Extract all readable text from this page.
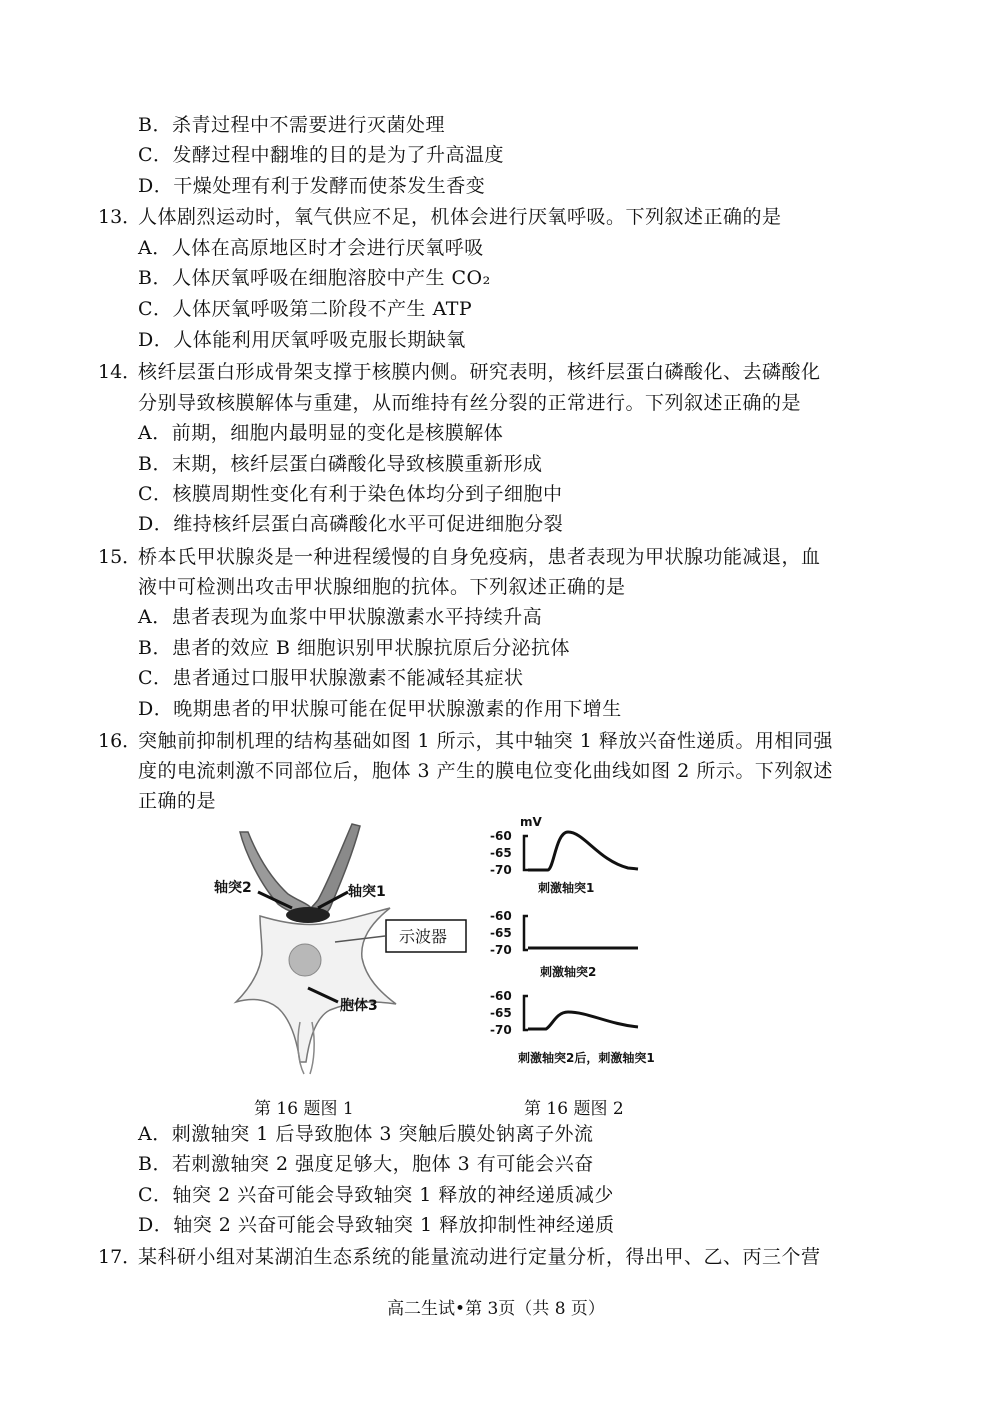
B．杀青过程中不需要进行灭菌处理
C．发酵过程中翻堆的目的是为了升高温度
D．干燥处理有利于发酵而使茶发生香变
13．
人体剧烈运动时，氧气供应不足，机体会进行厌氧呼吸。下列叙述正确的是
A．人体在高原地区时才会进行厌氧呼吸
B．人体厌氧呼吸在细胞溶胶中产生 CO₂
C．人体厌氧呼吸第二阶段不产生 ATP
D．人体能利用厌氧呼吸克服长期缺氧
14．
核纤层蛋白形成骨架支撑于核膜内侧。研究表明，核纤层蛋白磷酸化、去磷酸化
分别导致核膜解体与重建，从而维持有丝分裂的正常进行。下列叙述正确的是
A．前期，细胞内最明显的变化是核膜解体
B．末期，核纤层蛋白磷酸化导致核膜重新形成
C．核膜周期性变化有利于染色体均分到子细胞中
D．维持核纤层蛋白高磷酸化水平可促进细胞分裂
15．
桥本氏甲状腺炎是一种进程缓慢的自身免疫病，患者表现为甲状腺功能减退，血
液中可检测出攻击甲状腺细胞的抗体。下列叙述正确的是
A．患者表现为血浆中甲状腺激素水平持续升高
B．患者的效应 B 细胞识别甲状腺抗原后分泌抗体
C．患者通过口服甲状腺激素不能减轻其症状
D．晚期患者的甲状腺可能在促甲状腺激素的作用下增生
16．
突触前抑制机理的结构基础如图 1 所示，其中轴突 1 释放兴奋性递质。用相同强
度的电流刺激不同部位后，胞体 3 产生的膜电位变化曲线如图 2 所示。下列叙述
正确的是
轴突2	轴突1
胞体3
示波器
mV
-60
-65
-70
刺激轴突1
-60
-65
-70
刺激轴突2
-60
-65
-70
刺激轴突2后，刺激轴突1
第 16 题图 1	第 16 题图 2
A．刺激轴突 1 后导致胞体 3 突触后膜处钠离子外流
B．若刺激轴突 2 强度足够大，胞体 3 有可能会兴奋
C．轴突 2 兴奋可能会导致轴突 1 释放的神经递质减少
D．轴突 2 兴奋可能会导致轴突 1 释放抑制性神经递质
17．
某科研小组对某湖泊生态系统的能量流动进行定量分析，得出甲、乙、丙三个营
高二生试•第 3页（共 8 页）
